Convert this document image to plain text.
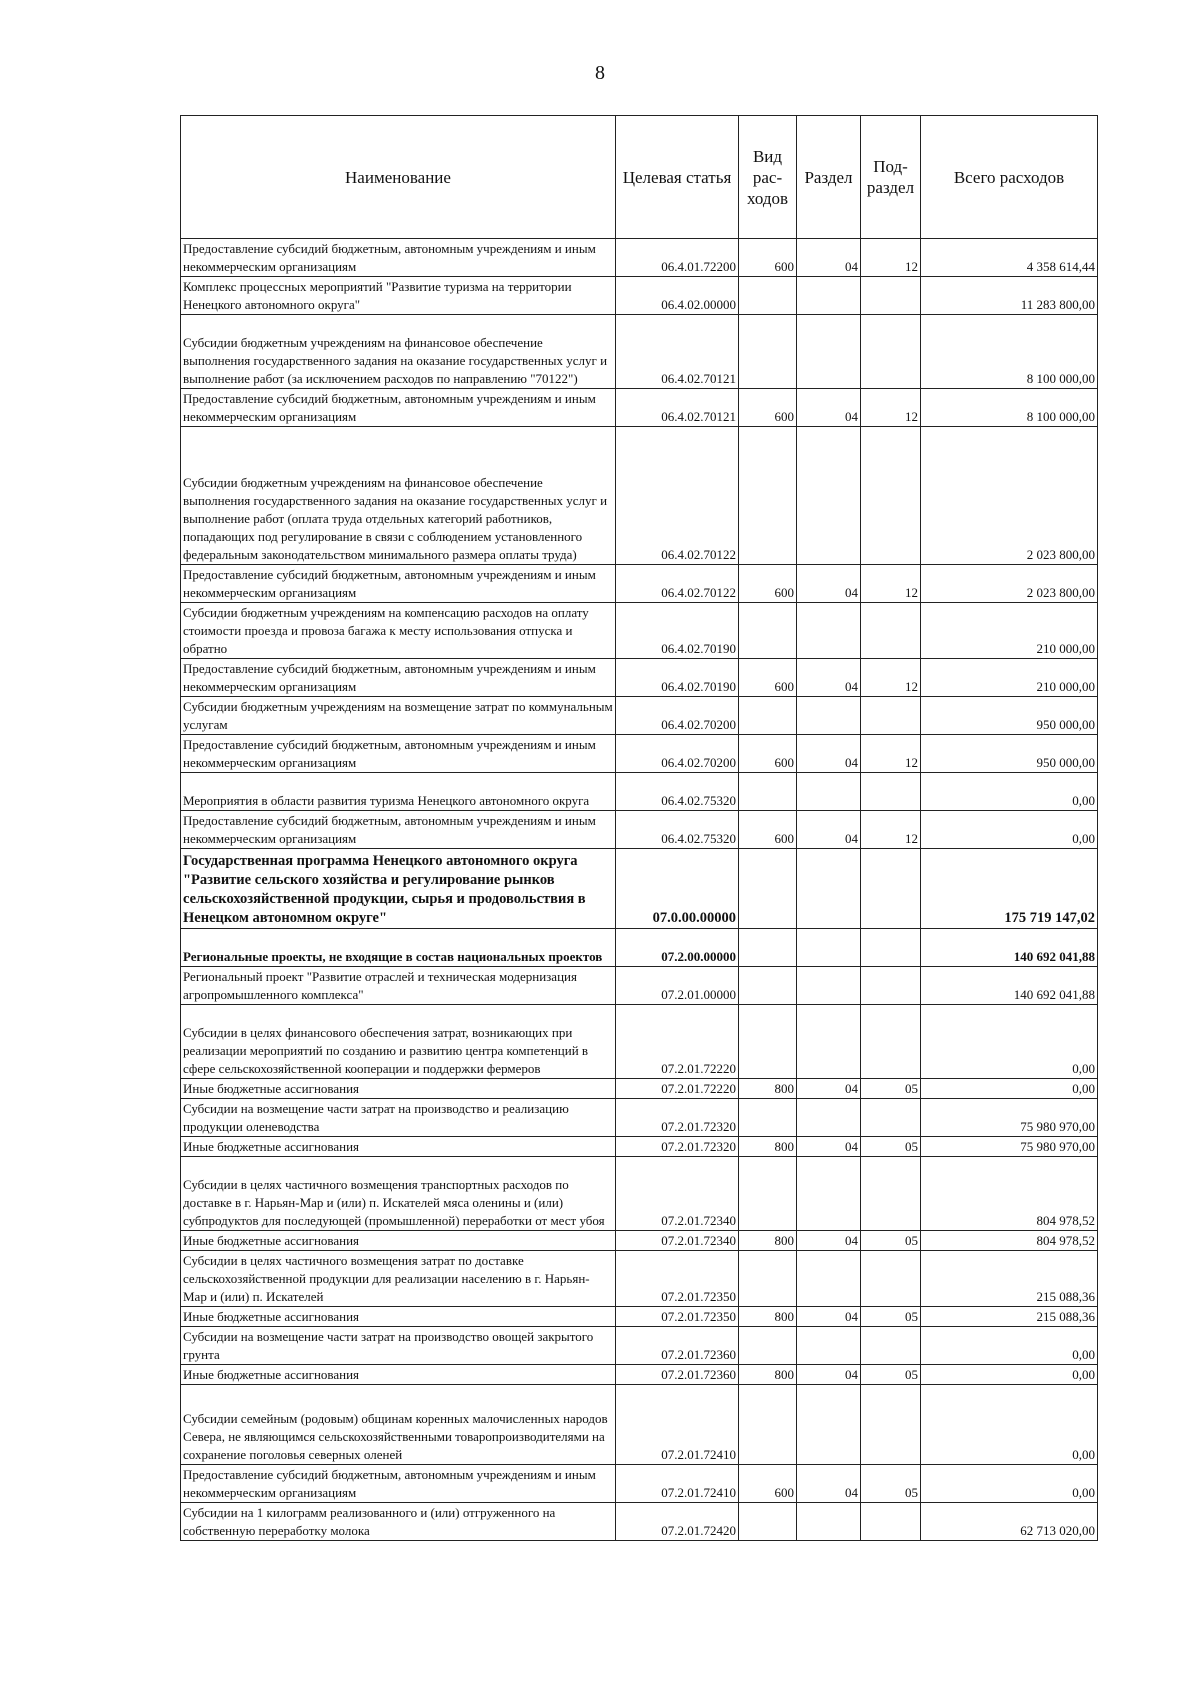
8
Наименование	Целевая статья	Вид рас- ходов	Раздел	Под- раздел	Всего расходов
Предоставление субсидий бюджетным, автономным учреждениям и иным некоммерческим организациям	06.4.01.72200	600	04	12	4 358 614,44
Комплекс процессных мероприятий "Развитие туризма на территории Ненецкого автономного округа"	06.4.02.00000				11 283 800,00
Субсидии бюджетным учреждениям на финансовое обеспечение выполнения государственного задания на оказание государственных услуг и выполнение работ (за исключением расходов по направлению "70122")	06.4.02.70121				8 100 000,00
Предоставление субсидий бюджетным, автономным учреждениям и иным некоммерческим организациям	06.4.02.70121	600	04	12	8 100 000,00
Субсидии бюджетным учреждениям на финансовое обеспечение выполнения государственного задания на оказание государственных услуг и выполнение работ (оплата труда отдельных категорий работников, попадающих под регулирование в связи с соблюдением установленного федеральным законодательством минимального размера оплаты труда)	06.4.02.70122				2 023 800,00
Предоставление субсидий бюджетным, автономным учреждениям и иным некоммерческим организациям	06.4.02.70122	600	04	12	2 023 800,00
Субсидии бюджетным учреждениям на компенсацию расходов на оплату стоимости проезда и провоза багажа к месту использования отпуска и обратно	06.4.02.70190				210 000,00
Предоставление субсидий бюджетным, автономным учреждениям и иным некоммерческим организациям	06.4.02.70190	600	04	12	210 000,00
Субсидии бюджетным учреждениям на возмещение затрат по коммунальным услугам	06.4.02.70200				950 000,00
Предоставление субсидий бюджетным, автономным учреждениям и иным некоммерческим организациям	06.4.02.70200	600	04	12	950 000,00
Мероприятия в области развития туризма Ненецкого автономного округа	06.4.02.75320				0,00
Предоставление субсидий бюджетным, автономным учреждениям и иным некоммерческим организациям	06.4.02.75320	600	04	12	0,00
Государственная программа Ненецкого автономного округа "Развитие сельского хозяйства и регулирование рынков сельскохозяйственной продукции, сырья и продовольствия в Ненецком автономном округе"	07.0.00.00000				175 719 147,02
Региональные проекты, не входящие в состав национальных проектов	07.2.00.00000				140 692 041,88
Региональный проект "Развитие отраслей и техническая модернизация агропромышленного комплекса"	07.2.01.00000				140 692 041,88
Субсидии в целях финансового обеспечения затрат, возникающих при реализации мероприятий по созданию и развитию центра компетенций в сфере сельскохозяйственной кооперации и поддержки фермеров	07.2.01.72220				0,00
Иные бюджетные ассигнования	07.2.01.72220	800	04	05	0,00
Субсидии на возмещение части затрат на производство и реализацию продукции оленеводства	07.2.01.72320				75 980 970,00
Иные бюджетные ассигнования	07.2.01.72320	800	04	05	75 980 970,00
Субсидии в целях частичного возмещения транспортных расходов по доставке в г. Нарьян-Мар и (или) п. Искателей мяса оленины и (или) субпродуктов для последующей (промышленной) переработки от мест убоя	07.2.01.72340				804 978,52
Иные бюджетные ассигнования	07.2.01.72340	800	04	05	804 978,52
Субсидии в целях частичного возмещения затрат по доставке сельскохозяйственной продукции для реализации населению в г. Нарьян-Мар и (или) п. Искателей	07.2.01.72350				215 088,36
Иные бюджетные ассигнования	07.2.01.72350	800	04	05	215 088,36
Субсидии на возмещение части затрат на производство овощей закрытого грунта	07.2.01.72360				0,00
Иные бюджетные ассигнования	07.2.01.72360	800	04	05	0,00
Субсидии семейным (родовым) общинам коренных малочисленных народов Севера, не являющимся сельскохозяйственными товаропроизводителями на сохранение поголовья северных оленей	07.2.01.72410				0,00
Предоставление субсидий бюджетным, автономным учреждениям и иным некоммерческим организациям	07.2.01.72410	600	04	05	0,00
Субсидии на 1 килограмм реализованного и (или) отгруженного на собственную переработку молока	07.2.01.72420				62 713 020,00
